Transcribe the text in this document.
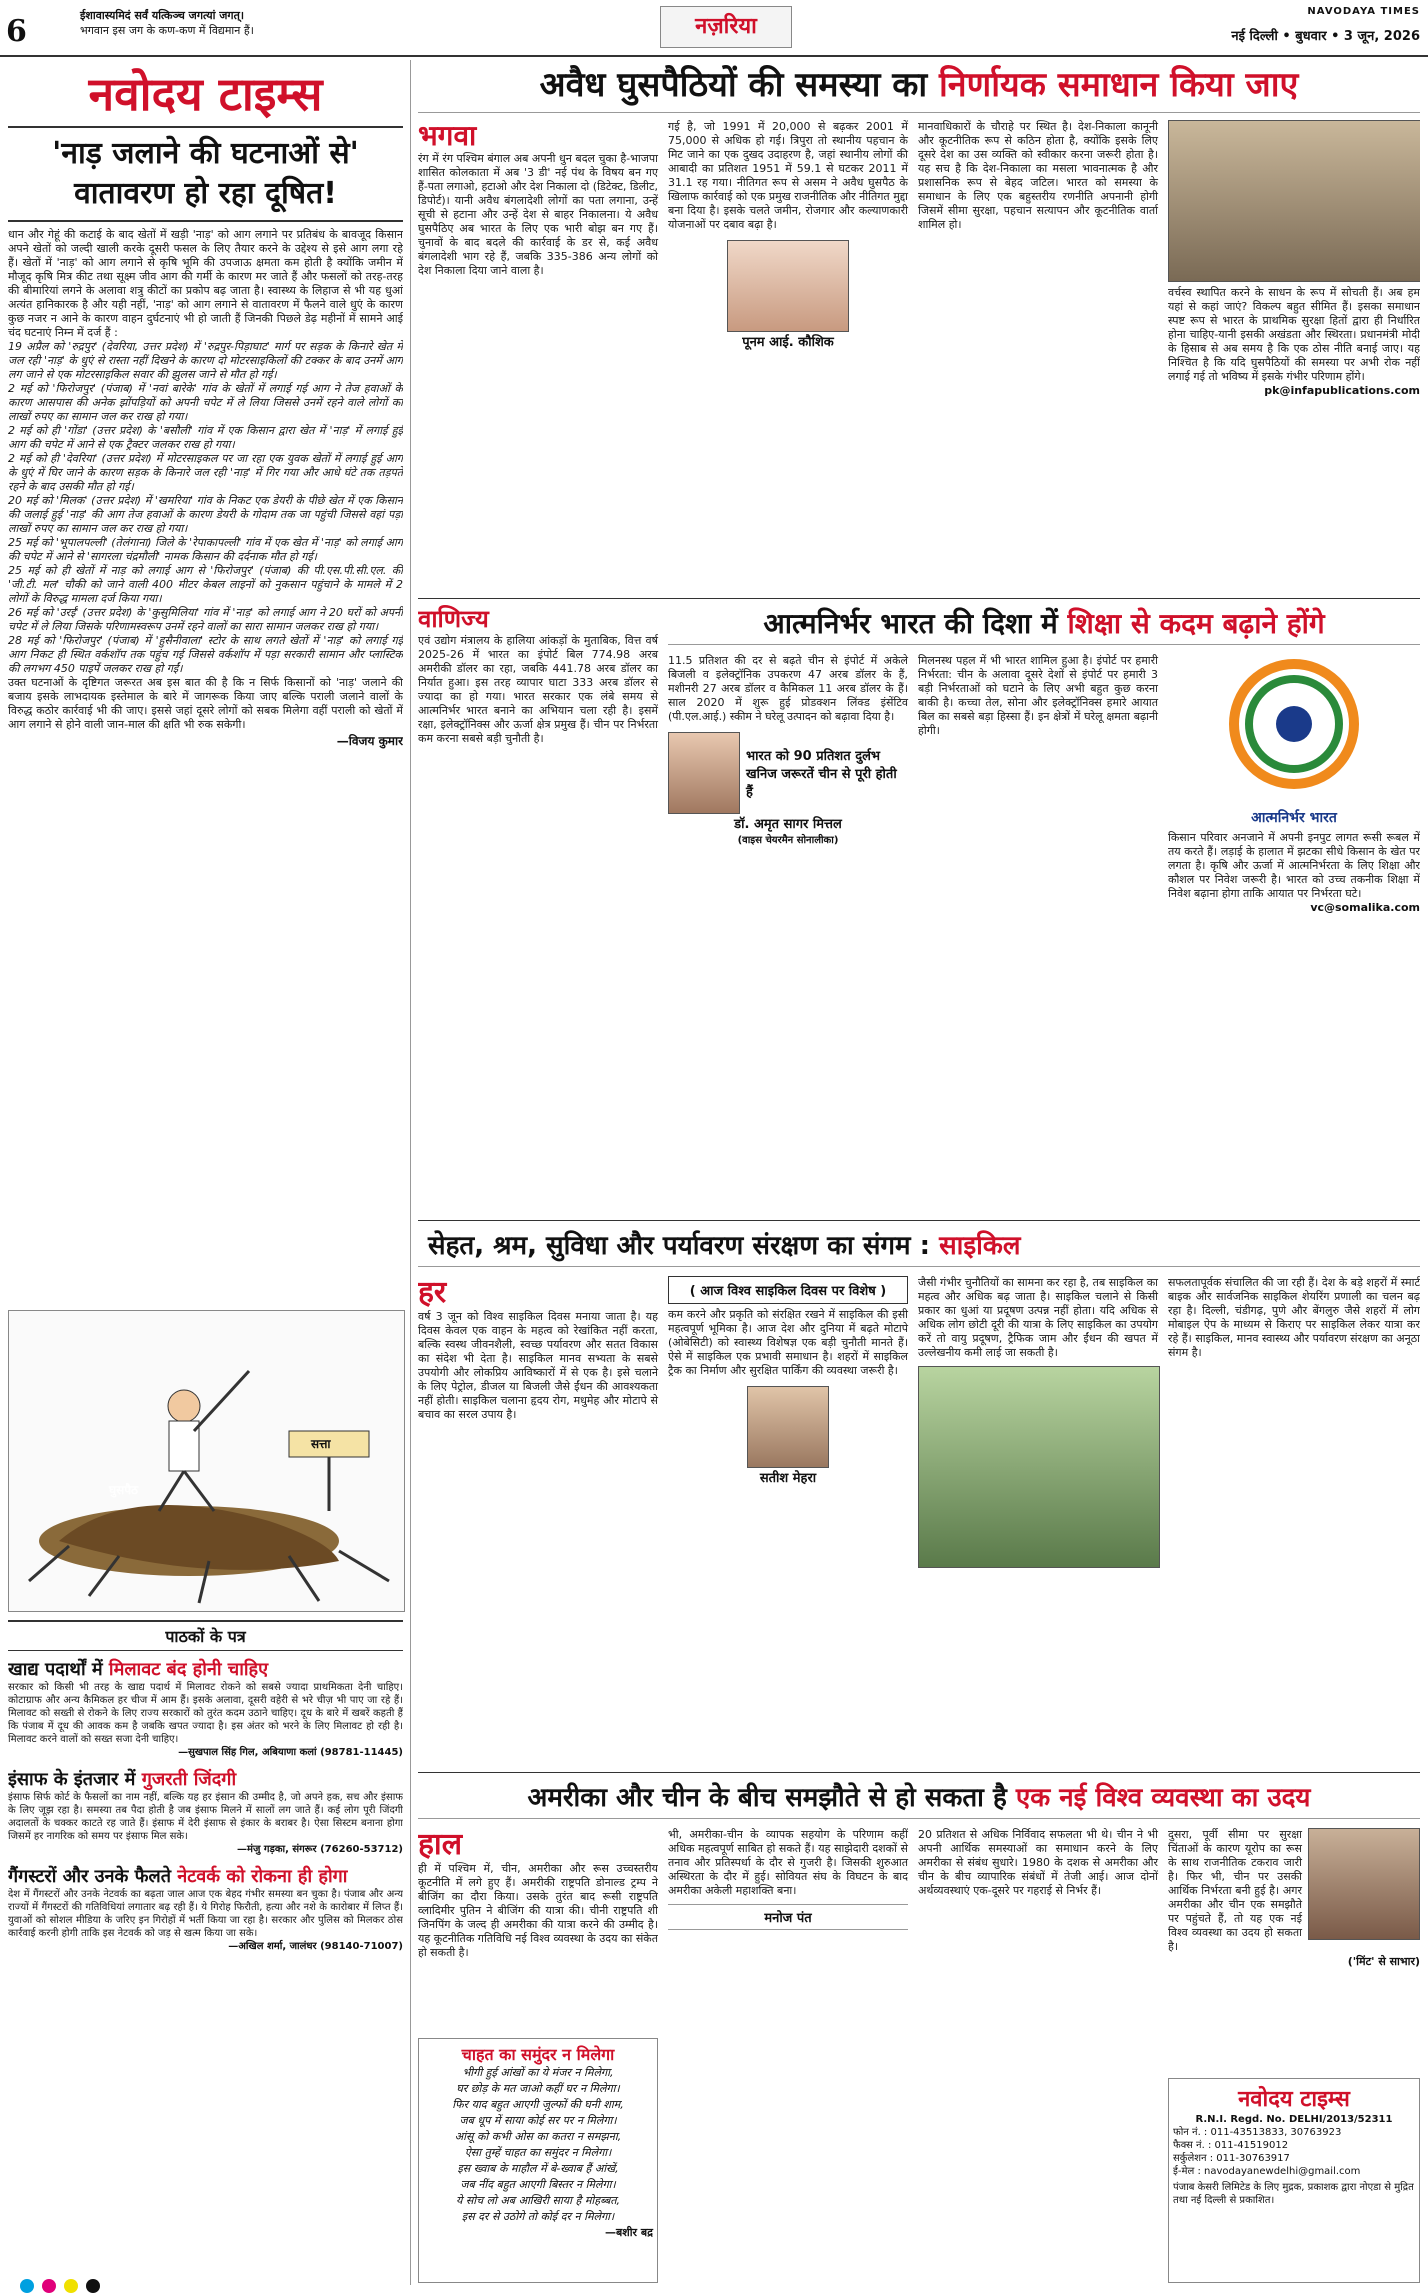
6	ईशावास्यमिदं सर्वं यत्किञ्च जगत्यां जगत्।
भगवान इस जग के कण-कण में विद्यमान हैं।	नज़रिया
NAVODAYA TIMES
नई दिल्ली • बुधवार • 3 जून, 2026
नवोदय टाइम्स
'नाड़ जलाने की घटनाओं से' वातावरण हो रहा दूषित!
धान और गेहूं की कटाई के बाद खेतों में खड़ी 'नाड़' को आग लगाने पर प्रतिबंध के बावजूद किसान अपने खेतों को जल्दी खाली करके दूसरी फसल के लिए तैयार करने के उद्देश्य से इसे आग लगा रहे हैं। खेतों में 'नाड़' को आग लगाने से कृषि भूमि की उपजाऊ क्षमता कम होती है क्योंकि जमीन में मौजूद कृषि मित्र कीट तथा सूक्ष्म जीव आग की गर्मी के कारण मर जाते हैं और फसलों को तरह-तरह की बीमारियां लगने के अलावा शत्रु कीटों का प्रकोप बढ़ जाता है। स्वास्थ्य के लिहाज से भी यह धुआं अत्यंत हानिकारक है और यही नहीं, 'नाड़' को आग लगाने से वातावरण में फैलने वाले धुएं के कारण कुछ नजर न आने के कारण वाहन दुर्घटनाएं भी हो जाती हैं जिनकी पिछले डेढ़ महीनों में सामने आई चंद घटनाएं निम्न में दर्ज हैं :
19 अप्रैल को 'रुद्रपुर' (देवरिया, उत्तर प्रदेश) में 'रुद्रपुर-पिड़ाघाट' मार्ग पर सड़क के किनारे खेत में जल रही 'नाड़' के धुएं से रास्ता नहीं दिखने के कारण दो मोटरसाइकिलों की टक्कर के बाद उनमें आग लग जाने से एक मोटरसाइकिल सवार की झुलस जाने से मौत हो गई।
2 मई को 'फिरोजपुर' (पंजाब) में 'नवां बारेके' गांव के खेतों में लगाई गई आग ने तेज हवाओं के कारण आसपास की अनेक झोंपड़ियों को अपनी चपेट में ले लिया जिससे उनमें रहने वाले लोगों का लाखों रुपए का सामान जल कर राख हो गया।
2 मई को ही 'गोंडा' (उत्तर प्रदेश) के 'बसौली' गांव में एक किसान द्वारा खेत में 'नाड़' में लगाई हुई आग की चपेट में आने से एक ट्रैक्टर जलकर राख हो गया।
2 मई को ही 'देवरिया' (उत्तर प्रदेश) में मोटरसाइकल पर जा रहा एक युवक खेतों में लगाई हुई आग के धुएं में घिर जाने के कारण सड़क के किनारे जल रही 'नाड़' में गिर गया और आधे घंटे तक तड़पते रहने के बाद उसकी मौत हो गई।
20 मई को 'मिलक' (उत्तर प्रदेश) में 'खमरिया' गांव के निकट एक डेयरी के पीछे खेत में एक किसान की जलाई हुई 'नाड़' की आग तेज हवाओं के कारण डेयरी के गोदाम तक जा पहुंची जिससे वहां पड़ा लाखों रुपए का सामान जल कर राख हो गया।
25 मई को 'भूपालपल्ली' (तेलंगाना) जिले के 'रेपाकापल्ली' गांव में एक खेत में 'नाड़' को लगाई आग की चपेट में आने से 'सागरला चंद्रमौली' नामक किसान की दर्दनाक मौत हो गई।
25 मई को ही खेतों में नाड़ को लगाई आग से 'फिरोजपुर' (पंजाब) की पी.एस.पी.सी.एल. की 'जी.टी. मल' चौकी को जाने वाली 400 मीटर केबल लाइनों को नुकसान पहुंचाने के मामले में 2 लोगों के विरुद्ध मामला दर्ज किया गया।
26 मई को 'उरई' (उत्तर प्रदेश) के 'कुसुमिलिया' गांव में 'नाड़' को लगाई आग ने 20 घरों को अपनी चपेट में ले लिया जिसके परिणामस्वरूप उनमें रहने वालों का सारा सामान जलकर राख हो गया।
28 मई को 'फिरोजपुर' (पंजाब) में 'हुसैनीवाला' स्टोर के साथ लगते खेतों में 'नाड़' को लगाई गई आग निकट ही स्थित वर्कशॉप तक पहुंच गई जिससे वर्कशॉप में पड़ा सरकारी सामान और प्लास्टिक की लगभग 450 पाइपें जलकर राख हो गईं।
उक्त घटनाओं के दृष्टिगत जरूरत अब इस बात की है कि न सिर्फ किसानों को 'नाड़' जलाने की बजाय इसके लाभदायक इस्तेमाल के बारे में जागरूक किया जाए बल्कि पराली जलाने वालों के विरुद्ध कठोर कार्रवाई भी की जाए। इससे जहां दूसरे लोगों को सबक मिलेगा वहीं पराली को खेतों में आग लगाने से होने वाली जान-माल की क्षति भी रुक सकेगी।
—विजय कुमार
घुसपैठ
सत्ता
पाठकों के पत्र
खाद्य पदार्थों में मिलावट बंद होनी चाहिए
सरकार को किसी भी तरह के खाद्य पदार्थ में मिलावट रोकने को सबसे ज्यादा प्राथमिकता देनी चाहिए। कोटाग्राफ और अन्य कैमिकल हर चीज में आम हैं। इसके अलावा, दूसरी वहेरी से भरे चीज़ भी पाए जा रहे हैं। मिलावट को सख्ती से रोकने के लिए राज्य सरकारों को तुरंत कदम उठाने चाहिए। दूध के बारे में खबरें कहती हैं कि पंजाब में दूध की आवक कम है जबकि खपत ज्यादा है। इस अंतर को भरने के लिए मिलावट हो रही है। मिलावट करने वालों को सख्त सजा देनी चाहिए।
—सुखपाल सिंह गिल, अबियाणा कलां (98781-11445)
इंसाफ के इंतजार में गुजरती जिंदगी
इंसाफ सिर्फ कोर्ट के फैसलों का नाम नहीं, बल्कि यह हर इंसान की उम्मीद है, जो अपने हक, सच और इंसाफ के लिए जूझ रहा है। समस्या तब पैदा होती है जब इंसाफ मिलने में सालों लग जाते हैं। कई लोग पूरी जिंदगी अदालतों के चक्कर काटते रह जाते हैं। इंसाफ में देरी इंसाफ से इंकार के बराबर है। ऐसा सिस्टम बनाना होगा जिसमें हर नागरिक को समय पर इंसाफ मिल सके।
—मंजु गड़का, संगरूर (76260-53712)
गैंगस्टरों और उनके फैलते नेटवर्क को रोकना ही होगा
देश में गैंगस्टरों और उनके नेटवर्क का बढ़ता जाल आज एक बेहद गंभीर समस्या बन चुका है। पंजाब और अन्य राज्यों में गैंगस्टरों की गतिविधियां लगातार बढ़ रही हैं। ये गिरोह फिरौती, हत्या और नशे के कारोबार में लिप्त हैं। युवाओं को सोशल मीडिया के जरिए इन गिरोहों में भर्ती किया जा रहा है। सरकार और पुलिस को मिलकर ठोस कार्रवाई करनी होगी ताकि इस नेटवर्क को जड़ से खत्म किया जा सके।
—अखिल शर्मा, जालंधर (98140-71007)
अवैध घुसपैठियों की समस्या का निर्णायक समाधान किया जाए
भगवा
रंग में रंग पश्चिम बंगाल अब अपनी धुन बदल चुका है-भाजपा शासित कोलकाता में अब '3 डी' नई पंथ के विषय बन गए हैं-पता लगाओ, हटाओ और देश निकाला दो (डिटेक्ट, डिलीट, डिपोर्ट)। यानी अवैध बंगलादेशी लोगों का पता लगाना, उन्हें सूची से हटाना और उन्हें देश से बाहर निकालना। ये अवैध घुसपैठिए अब भारत के लिए एक भारी बोझ बन गए हैं। चुनावों के बाद बदले की कार्रवाई के डर से, कई अवैध बंगलादेशी भाग रहे हैं, जबकि 335-386 अन्य लोगों को देश निकाला दिया जाने वाला है।
गई है, जो 1991 में 20,000 से बढ़कर 2001 में 75,000 से अधिक हो गई। त्रिपुरा तो स्थानीय पहचान के मिट जाने का एक दुखद उदाहरण है, जहां स्थानीय लोगों की आबादी का प्रतिशत 1951 में 59.1 से घटकर 2011 में 31.1 रह गया। नीतिगत रूप से असम ने अवैध घुसपैठ के खिलाफ कार्रवाई को एक प्रमुख राजनीतिक और नीतिगत मुद्दा बना दिया है। इसके चलते जमीन, रोजगार और कल्याणकारी योजनाओं पर दबाव बढ़ा है।
पूनम आई. कौशिक
मानवाधिकारों के चौराहे पर स्थित है। देश-निकाला कानूनी और कूटनीतिक रूप से कठिन होता है, क्योंकि इसके लिए दूसरे देश का उस व्यक्ति को स्वीकार करना जरूरी होता है। यह सच है कि देश-निकाला का मसला भावनात्मक है और प्रशासनिक रूप से बेहद जटिल। भारत को समस्या के समाधान के लिए एक बहुस्तरीय रणनीति अपनानी होगी जिसमें सीमा सुरक्षा, पहचान सत्यापन और कूटनीतिक वार्ता शामिल हो।
वर्चस्व स्थापित करने के साधन के रूप में सोचती हैं। अब हम यहां से कहां जाएं? विकल्प बहुत सीमित हैं। इसका समाधान स्पष्ट रूप से भारत के प्राथमिक सुरक्षा हितों द्वारा ही निर्धारित होना चाहिए-यानी इसकी अखंडता और स्थिरता। प्रधानमंत्री मोदी के हिसाब से अब समय है कि एक ठोस नीति बनाई जाए। यह निश्चित है कि यदि घुसपैठियों की समस्या पर अभी रोक नहीं लगाई गई तो भविष्य में इसके गंभीर परिणाम होंगे।
pk@infapublications.com
वाणिज्य
एवं उद्योग मंत्रालय के हालिया आंकड़ों के मुताबिक, वित्त वर्ष 2025-26 में भारत का इंपोर्ट बिल 774.98 अरब अमरीकी डॉलर का रहा, जबकि 441.78 अरब डॉलर का निर्यात हुआ। इस तरह व्यापार घाटा 333 अरब डॉलर से ज्यादा का हो गया। भारत सरकार एक लंबे समय से आत्मनिर्भर भारत बनाने का अभियान चला रही है। इसमें रक्षा, इलेक्ट्रॉनिक्स और ऊर्जा क्षेत्र प्रमुख हैं। चीन पर निर्भरता कम करना सबसे बड़ी चुनौती है।
आत्मनिर्भर भारत की दिशा में शिक्षा से कदम बढ़ाने होंगे
11.5 प्रतिशत की दर से बढ़ते चीन से इंपोर्ट में अकेले बिजली व इलेक्ट्रॉनिक उपकरण 47 अरब डॉलर के हैं, मशीनरी 27 अरब डॉलर व कैमिकल 11 अरब डॉलर के हैं। साल 2020 में शुरू हुई प्रोडक्शन लिंक्ड इंसेंटिव (पी.एल.आई.) स्कीम ने घरेलू उत्पादन को बढ़ावा दिया है।
भारत को 90 प्रतिशत दुर्लभ खनिज जरूरतें चीन से पूरी होती हैं
डॉ. अमृत सागर मित्तल
(वाइस चेयरमैन सोनालीका)
मिलनस्थ पहल में भी भारत शामिल हुआ है। इंपोर्ट पर हमारी निर्भरता: चीन के अलावा दूसरे देशों से इंपोर्ट पर हमारी 3 बड़ी निर्भरताओं को घटाने के लिए अभी बहुत कुछ करना बाकी है। कच्चा तेल, सोना और इलेक्ट्रॉनिक्स हमारे आयात बिल का सबसे बड़ा हिस्सा हैं। इन क्षेत्रों में घरेलू क्षमता बढ़ानी होगी।
आत्मनिर्भर भारत
किसान परिवार अनजाने में अपनी इनपुट लागत रूसी रूबल में तय करते हैं। लड़ाई के हालात में झटका सीधे किसान के खेत पर लगता है। कृषि और ऊर्जा में आत्मनिर्भरता के लिए शिक्षा और कौशल पर निवेश जरूरी है। भारत को उच्च तकनीक शिक्षा में निवेश बढ़ाना होगा ताकि आयात पर निर्भरता घटे।
vc@somalika.com
सेहत, श्रम, सुविधा और पर्यावरण संरक्षण का संगम : साइकिल
हर
वर्ष 3 जून को विश्व साइकिल दिवस मनाया जाता है। यह दिवस केवल एक वाहन के महत्व को रेखांकित नहीं करता, बल्कि स्वस्थ जीवनशैली, स्वच्छ पर्यावरण और सतत विकास का संदेश भी देता है। साइकिल मानव सभ्यता के सबसे उपयोगी और लोकप्रिय आविष्कारों में से एक है। इसे चलाने के लिए पेट्रोल, डीजल या बिजली जैसे ईंधन की आवश्यकता नहीं होती। साइकिल चलाना हृदय रोग, मधुमेह और मोटापे से बचाव का सरल उपाय है।
( आज विश्व साइकिल दिवस पर विशेष )
कम करने और प्रकृति को संरक्षित रखने में साइकिल की इसी महत्वपूर्ण भूमिका है। आज देश और दुनिया में बढ़ते मोटापे (ओबेसिटी) को स्वास्थ्य विशेषज्ञ एक बड़ी चुनौती मानते हैं। ऐसे में साइकिल एक प्रभावी समाधान है। शहरों में साइकिल ट्रैक का निर्माण और सुरक्षित पार्किंग की व्यवस्था जरूरी है।
सतीश मेहरा
जैसी गंभीर चुनौतियों का सामना कर रहा है, तब साइकिल का महत्व और अधिक बढ़ जाता है। साइकिल चलाने से किसी प्रकार का धुआं या प्रदूषण उत्पन्न नहीं होता। यदि अधिक से अधिक लोग छोटी दूरी की यात्रा के लिए साइकिल का उपयोग करें तो वायु प्रदूषण, ट्रैफिक जाम और ईंधन की खपत में उल्लेखनीय कमी लाई जा सकती है।
सफलतापूर्वक संचालित की जा रही हैं। देश के बड़े शहरों में स्मार्ट बाइक और सार्वजनिक साइकिल शेयरिंग प्रणाली का चलन बढ़ रहा है। दिल्ली, चंडीगढ़, पुणे और बेंगलुरु जैसे शहरों में लोग मोबाइल ऐप के माध्यम से किराए पर साइकिल लेकर यात्रा कर रहे हैं। साइकिल, मानव स्वास्थ्य और पर्यावरण संरक्षण का अनूठा संगम है।
अमरीका और चीन के बीच समझौते से हो सकता है एक नई विश्व व्यवस्था का उदय
हाल
ही में पश्चिम में, चीन, अमरीका और रूस उच्चस्तरीय कूटनीति में लगे हुए हैं। अमरीकी राष्ट्रपति डोनाल्ड ट्रम्प ने बीजिंग का दौरा किया। उसके तुरंत बाद रूसी राष्ट्रपति व्लादिमीर पुतिन ने बीजिंग की यात्रा की। चीनी राष्ट्रपति शी जिनपिंग के जल्द ही अमरीका की यात्रा करने की उम्मीद है। यह कूटनीतिक गतिविधि नई विश्व व्यवस्था के उदय का संकेत हो सकती है।
चाहत का समुंदर न मिलेगा
भीगी हुई आंखों का ये मंजर न मिलेगा,
घर छोड़ के मत जाओ कहीं घर न मिलेगा।
फिर याद बहुत आएगी जुल्फों की घनी शाम,
जब धूप में साया कोई सर पर न मिलेगा।
आंसू को कभी ओस का कतरा न समझना,
ऐसा तुम्हें चाहत का समुंदर न मिलेगा।
इस ख्वाब के माहौल में बे-ख्वाब हैं आंखें,
जब नींद बहुत आएगी बिस्तर न मिलेगा।
ये सोच लो अब आखिरी साया है मोहब्बत,
इस दर से उठोगे तो कोई दर न मिलेगा।
—बशीर बद्र
भी, अमरीका-चीन के व्यापक सहयोग के परिणाम कहीं अधिक महत्वपूर्ण साबित हो सकते हैं। यह साझेदारी दशकों से तनाव और प्रतिस्पर्धा के दौर से गुजरी है। जिसकी शुरुआत अस्थिरता के दौर में हुई। सोवियत संघ के विघटन के बाद अमरीका अकेली महाशक्ति बना।
मनोज पंत
20 प्रतिशत से अधिक निर्विवाद सफलता भी थे। चीन ने भी अपनी आर्थिक समस्याओं का समाधान करने के लिए अमरीका से संबंध सुधारे। 1980 के दशक से अमरीका और चीन के बीच व्यापारिक संबंधों में तेजी आई। आज दोनों अर्थव्यवस्थाएं एक-दूसरे पर गहराई से निर्भर हैं।
दुसरा, पूर्वी सीमा पर सुरक्षा चिंताओं के कारण यूरोप का रूस के साथ राजनीतिक टकराव जारी है। फिर भी, चीन पर उसकी आर्थिक निर्भरता बनी हुई है। अगर अमरीका और चीन एक समझौते पर पहुंचते हैं, तो यह एक नई विश्व व्यवस्था का उदय हो सकता है।
('मिंट' से साभार)
नवोदय टाइम्स
R.N.I. Regd. No. DELHI/2013/52311
फोन नं. : 011-43513833, 30763923
फैक्स नं. : 011-41519012
सर्कुलेशन : 011-30763917
ई-मेल : navodayanewdelhi@gmail.com
पंजाब केसरी लिमिटेड के लिए मुद्रक, प्रकाशक द्वारा नोएडा से मुद्रित तथा नई दिल्ली से प्रकाशित।
